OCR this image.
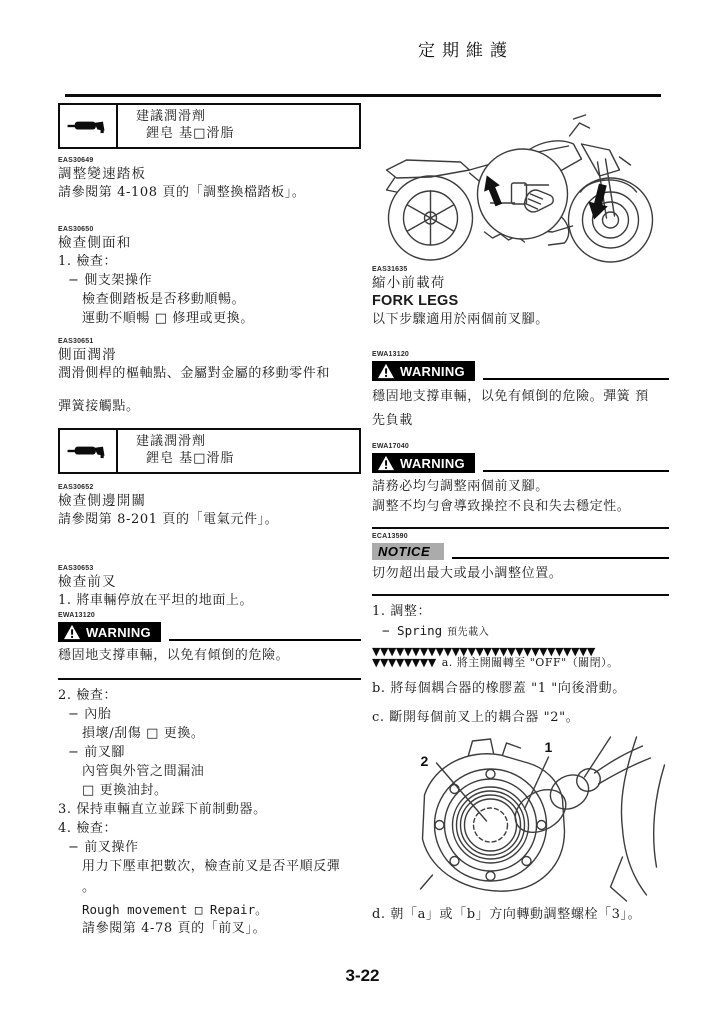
定期維護
建議潤滑劑
鋰皂 基□滑脂
EAS30649
調整變速踏板
請參閱第 4-108 頁的「調整換檔踏板」。
EAS30650
檢查側面和
1. 檢查：
− 側支架操作
檢查側踏板是否移動順暢。
運動不順暢 □ 修理或更換。
EAS30651
側面潤滑
潤滑側桿的樞軸點、金屬對金屬的移動零件和
彈簧接觸點。
建議潤滑劑
鋰皂 基□滑脂
EAS30652
檢查側邊開關
請參閱第 8-201 頁的「電氣元件」。
EAS30653
檢查前叉
1. 將車輛停放在平坦的地面上。
EWA13120
WARNING
穩固地支撐車輛，以免有傾倒的危險。
2. 檢查：
− 內胎
損壞/刮傷 □ 更換。
− 前叉腳
內管與外管之間漏油
□ 更換油封。
3. 保持車輛直立並踩下前制動器。
4. 檢查：
− 前叉操作
用力下壓車把數次，檢查前叉是否平順反彈
。
Rough movement □ Repair。
請參閱第 4-78 頁的「前叉」。
EAS31635
縮小前載荷
FORK LEGS
以下步驟適用於兩個前叉腳。
EWA13120
WARNING
穩固地支撐車輛，以免有傾倒的危險。彈簧 預
先負載
EWA17040
WARNING
請務必均勻調整兩個前叉腳。
調整不均勻會導致操控不良和失去穩定性。
ECA13590
NOTICE
切勿超出最大或最小調整位置。
1. 調整：
− Spring 預先載入
▼▼▼▼▼▼▼▼▼▼▼▼▼▼▼▼▼▼▼▼▼▼▼▼▼▼▼▼
▼▼▼▼▼▼▼▼ a. 將主開關轉至 "OFF"（關閉）。
b. 將每個耦合器的橡膠蓋 "1 "向後滑動。
c. 斷開每個前叉上的耦合器 "2"。
2
1
d. 朝「a」或「b」方向轉動調整螺栓「3」。
3-22
